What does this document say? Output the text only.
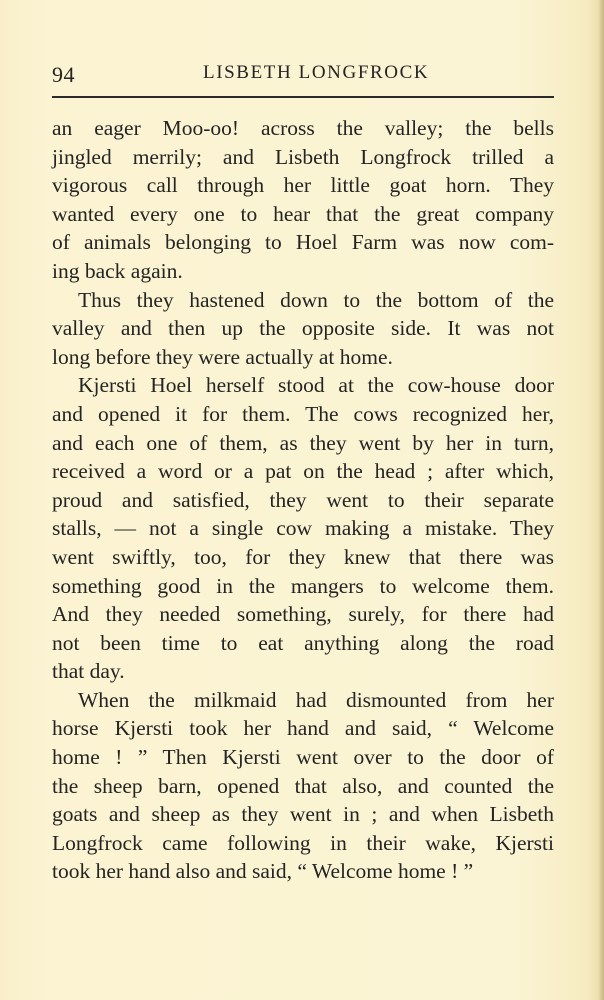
94	LISBETH LONGFROCK
an eager Moo-oo! across the valley; the bells
jingled merrily; and Lisbeth Longfrock trilled a
vigorous call through her little goat horn. They
wanted every one to hear that the great company
of animals belonging to Hoel Farm was now com-
ing back again.
Thus they hastened down to the bottom of the
valley and then up the opposite side. It was not
long before they were actually at home.
Kjersti Hoel herself stood at the cow-house door
and opened it for them. The cows recognized her,
and each one of them, as they went by her in turn,
received a word or a pat on the head ; after which,
proud and satisfied, they went to their separate
stalls, — not a single cow making a mistake. They
went swiftly, too, for they knew that there was
something good in the mangers to welcome them.
And they needed something, surely, for there had
not been time to eat anything along the road
that day.
When the milkmaid had dismounted from her
horse Kjersti took her hand and said, “ Welcome
home ! ” Then Kjersti went over to the door of
the sheep barn, opened that also, and counted the
goats and sheep as they went in ; and when Lisbeth
Longfrock came following in their wake, Kjersti
took her hand also and said, “ Welcome home ! ”
